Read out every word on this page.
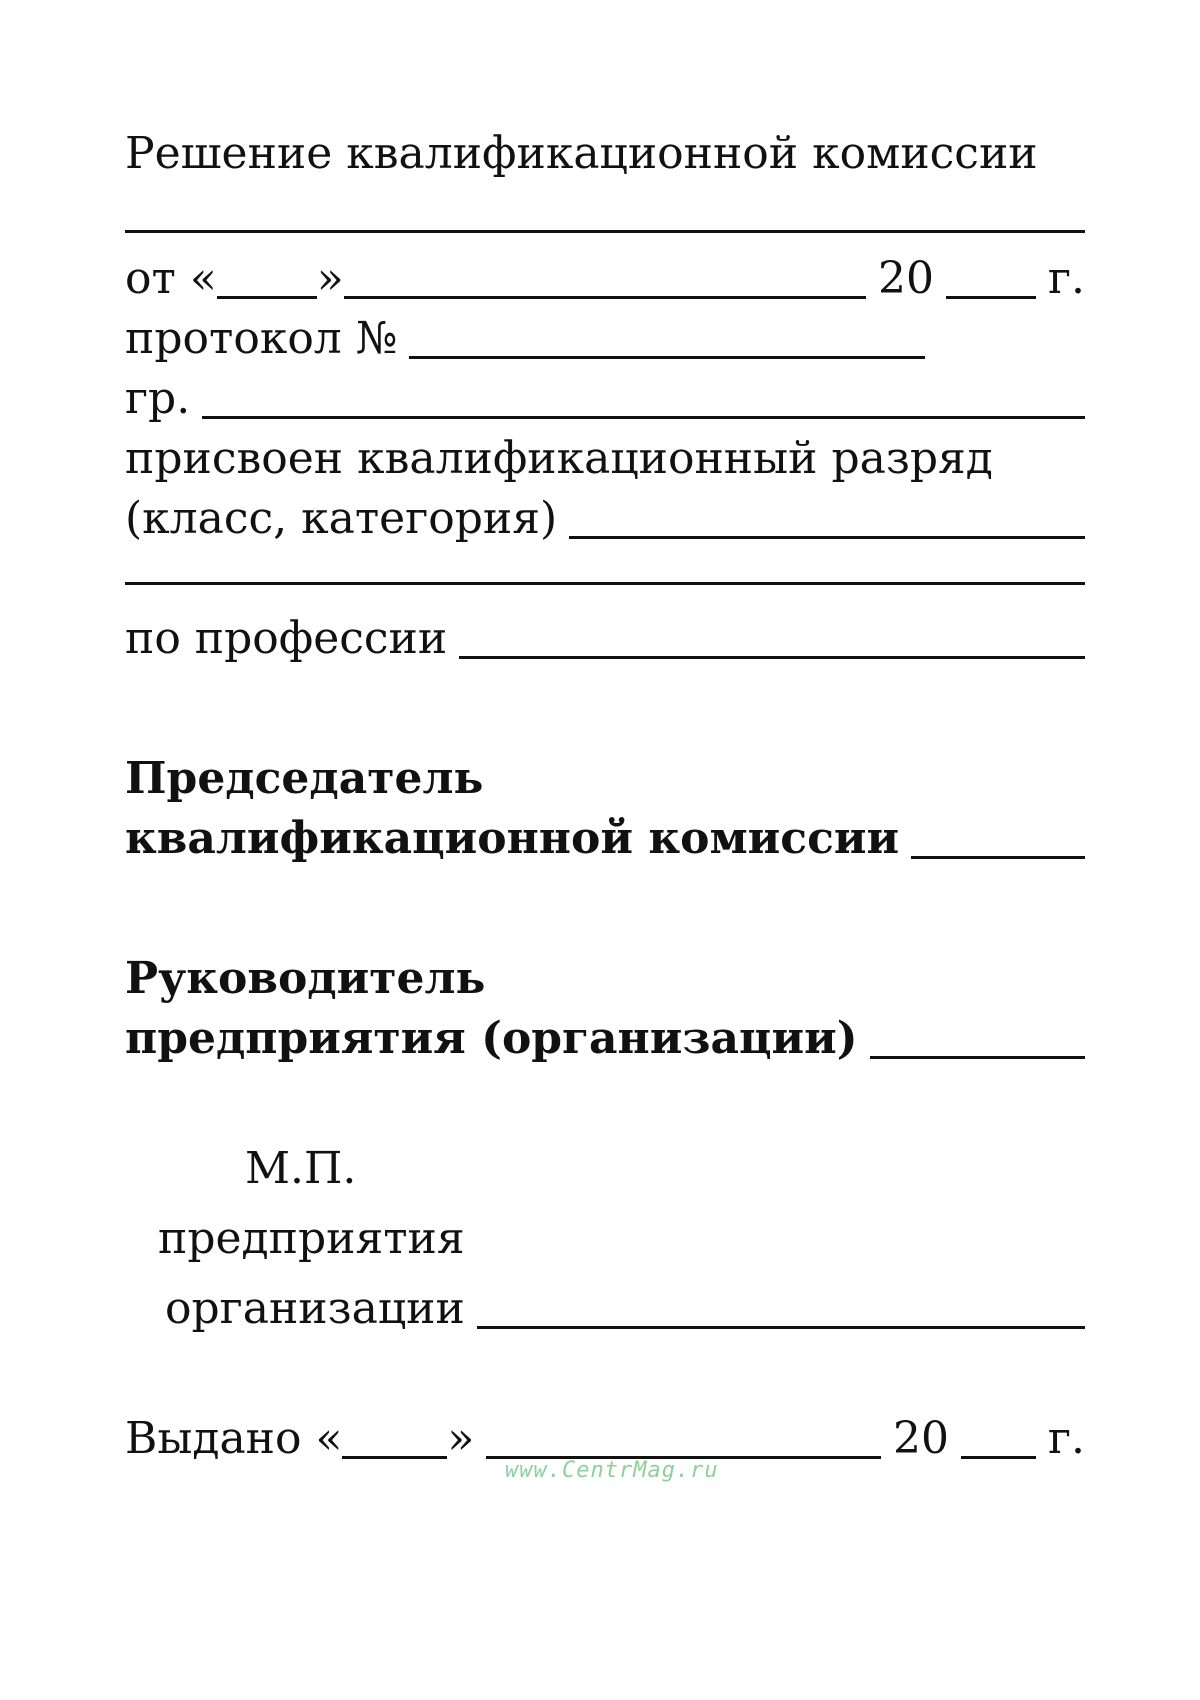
Решение квалификационной комиссии
от « »	20	г.
протокол №
гр.
присвоен квалификационный разряд
(класс, категория)
по профессии
Председатель
квалификационной комиссии
Руководитель
предприятия (организации)
М.П.
предприятия
организации
Выдано « »	20 г.
www.CentrMag.ru
